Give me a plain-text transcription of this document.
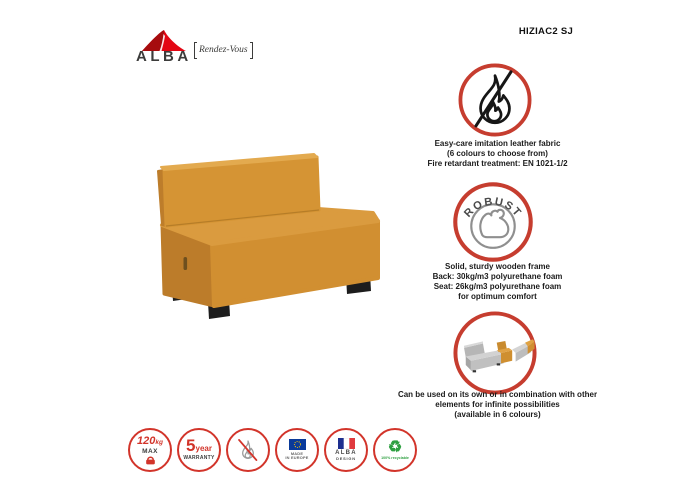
ALBA Rendez-Vous
HIZIAC2 SJ
Easy-care imitation leather fabric
(6 colours to choose from)
Fire retardant treatment: EN 1021-1/2
ROBUST
Solid, sturdy wooden frame
Back: 30kg/m3 polyurethane foam
Seat: 26kg/m3 polyurethane foam
for optimum comfort
Can be used on its own or in combination with other
elements for infinite possibilities
(available in 6 colours)
120kg
MAX 5year
WARRANTY
MADE
IN EUROPE
ALBA
DESIGN
♻
100% recyclable
